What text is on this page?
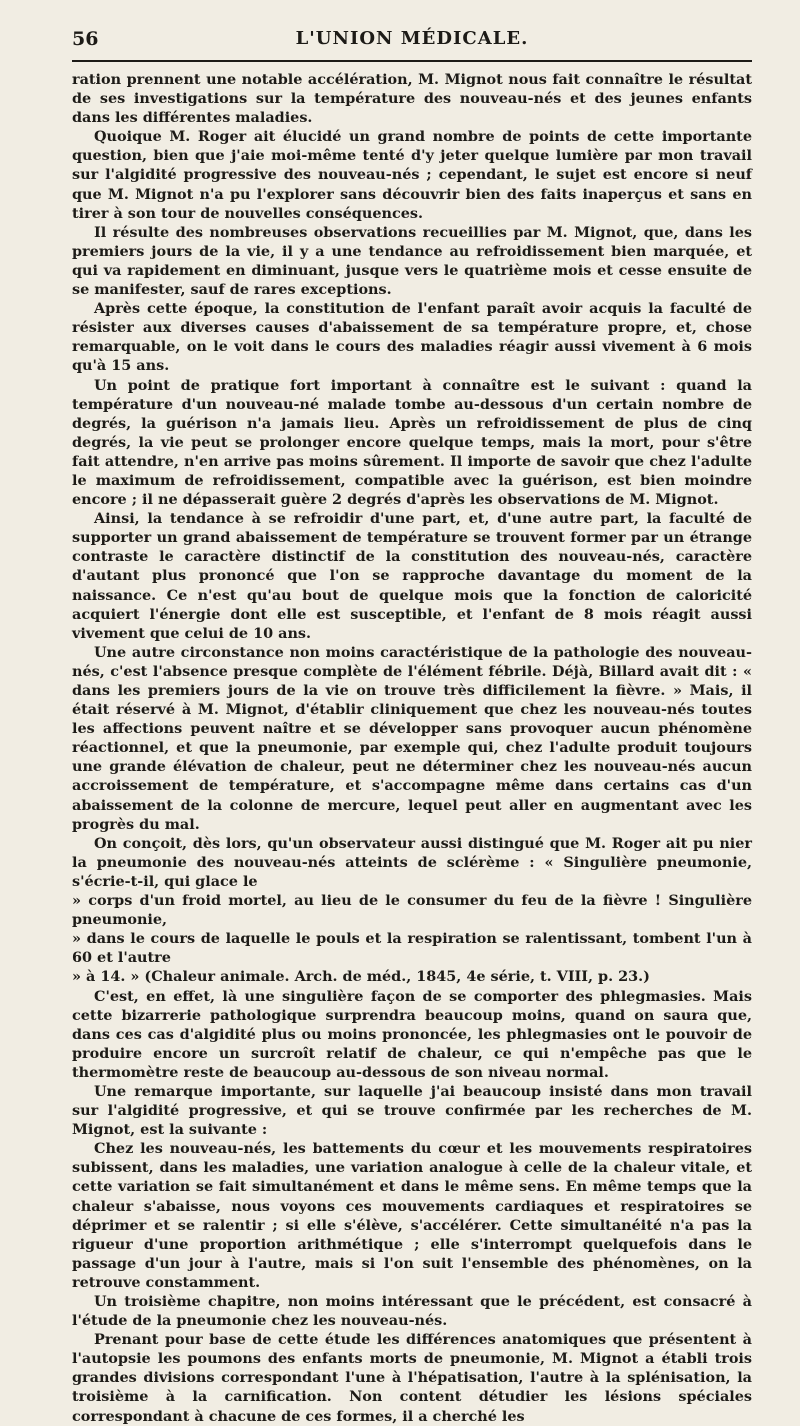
56	L'UNION MÉDICALE.

ration prennent une notable accélération, M. Mignot nous fait connaître le résultat de ses investigations sur la température des nouveau-nés et des jeunes enfants dans les différentes maladies.

Quoique M. Roger ait élucidé un grand nombre de points de cette importante question, bien que j'aie moi-même tenté d'y jeter quelque lumière par mon travail sur l'algidité progressive des nouveau-nés ; cependant, le sujet est encore si neuf que M. Mignot n'a pu l'explorer sans découvrir bien des faits inaperçus et sans en tirer à son tour de nouvelles conséquences.

Il résulte des nombreuses observations recueillies par M. Mignot, que, dans les premiers jours de la vie, il y a une tendance au refroidissement bien marquée, et qui va rapidement en diminuant, jusque vers le quatrième mois et cesse ensuite de se manifester, sauf de rares exceptions.

Après cette époque, la constitution de l'enfant paraît avoir acquis la faculté de résister aux diverses causes d'abaissement de sa température propre, et, chose remarquable, on le voit dans le cours des maladies réagir aussi vivement à 6 mois qu'à 15 ans.

Un point de pratique fort important à connaître est le suivant : quand la température d'un nouveau-né malade tombe au-dessous d'un certain nombre de degrés, la guérison n'a jamais lieu. Après un refroidissement de plus de cinq degrés, la vie peut se prolonger encore quelque temps, mais la mort, pour s'être fait attendre, n'en arrive pas moins sûrement. Il importe de savoir que chez l'adulte le maximum de refroidissement, compatible avec la guérison, est bien moindre encore ; il ne dépasserait guère 2 degrés d'après les observations de M. Mignot.

Ainsi, la tendance à se refroidir d'une part, et, d'une autre part, la faculté de supporter un grand abaissement de température se trouvent former par un étrange contraste le caractère distinctif de la constitution des nouveau-nés, caractère d'autant plus prononcé que l'on se rapproche davantage du moment de la naissance. Ce n'est qu'au bout de quelque mois que la fonction de caloricité acquiert l'énergie dont elle est susceptible, et l'enfant de 8 mois réagit aussi vivement que celui de 10 ans.

Une autre circonstance non moins caractéristique de la pathologie des nouveau-nés, c'est l'absence presque complète de l'élément fébrile. Déjà, Billard avait dit : « dans les premiers jours de la vie on trouve très difficilement la fièvre. » Mais, il était réservé à M. Mignot, d'établir cliniquement que chez les nouveau-nés toutes les affections peuvent naître et se développer sans provoquer aucun phénomène réactionnel, et que la pneumonie, par exemple qui, chez l'adulte produit toujours une grande élévation de chaleur, peut ne déterminer chez les nouveau-nés aucun accroissement de température, et s'accompagne même dans certains cas d'un abaissement de la colonne de mercure, lequel peut aller en augmentant avec les progrès du mal.

On conçoit, dès lors, qu'un observateur aussi distingué que M. Roger ait pu nier la pneumonie des nouveau-nés atteints de sclérème : « Singulière pneumonie, s'écrie-t-il, qui glace le

» corps d'un froid mortel, au lieu de le consumer du feu de la fièvre ! Singulière pneumonie,

» dans le cours de laquelle le pouls et la respiration se ralentissant, tombent l'un à 60 et l'autre

» à 14. » (Chaleur animale. Arch. de méd., 1845, 4e série, t. VIII, p. 23.)

C'est, en effet, là une singulière façon de se comporter des phlegmasies. Mais cette bizarrerie pathologique surprendra beaucoup moins, quand on saura que, dans ces cas d'algidité plus ou moins prononcée, les phlegmasies ont le pouvoir de produire encore un surcroît relatif de chaleur, ce qui n'empêche pas que le thermomètre reste de beaucoup au-dessous de son niveau normal.

Une remarque importante, sur laquelle j'ai beaucoup insisté dans mon travail sur l'algidité progressive, et qui se trouve confirmée par les recherches de M. Mignot, est la suivante :

Chez les nouveau-nés, les battements du cœur et les mouvements respiratoires subissent, dans les maladies, une variation analogue à celle de la chaleur vitale, et cette variation se fait simultanément et dans le même sens. En même temps que la chaleur s'abaisse, nous voyons ces mouvements cardiaques et respiratoires se déprimer et se ralentir ; si elle s'élève, s'accélérer. Cette simultanéité n'a pas la rigueur d'une proportion arithmétique ; elle s'interrompt quelquefois dans le passage d'un jour à l'autre, mais si l'on suit l'ensemble des phénomènes, on la retrouve constamment.

Un troisième chapitre, non moins intéressant que le précédent, est consacré à l'étude de la pneumonie chez les nouveau-nés.

Prenant pour base de cette étude les différences anatomiques que présentent à l'autopsie les poumons des enfants morts de pneumonie, M. Mignot a établi trois grandes divisions correspondant l'une à l'hépatisation, l'autre à la splénisation, la troisième à la carnification. Non content détudier les lésions spéciales correspondant à chacune de ces formes, il a cherché les
